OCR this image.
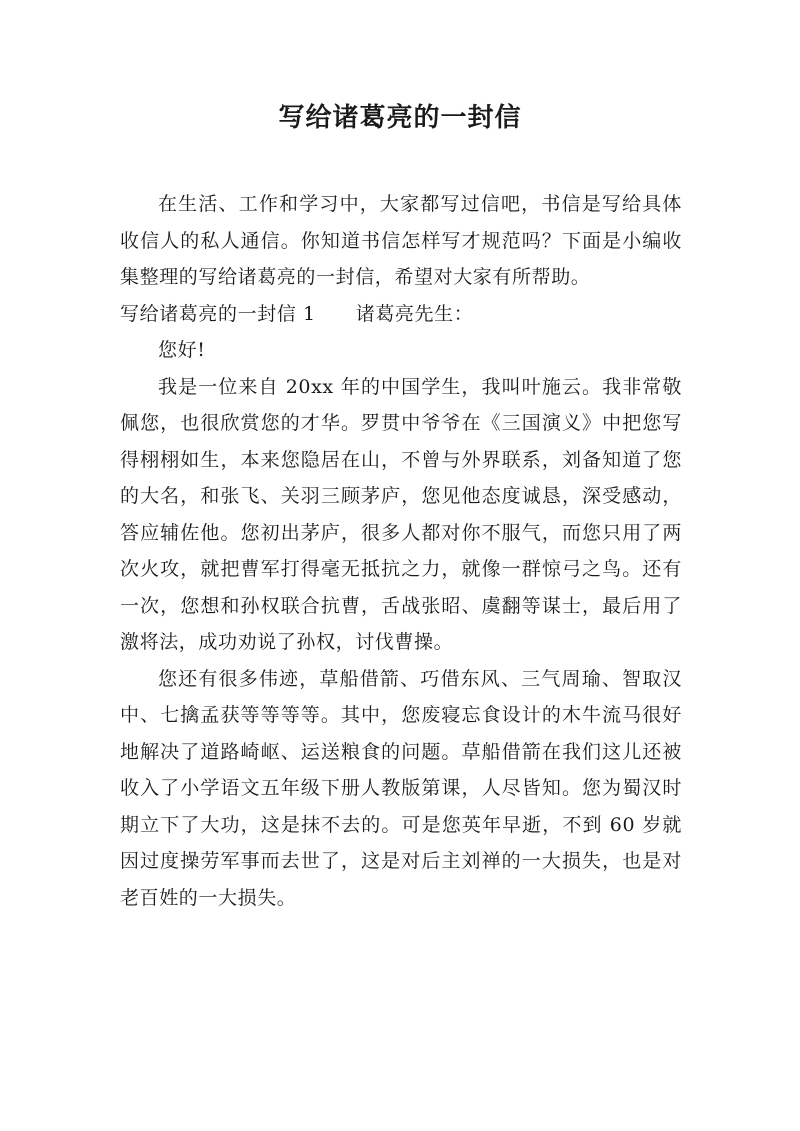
写给诸葛亮的一封信

在生活、工作和学习中，大家都写过信吧，书信是写给具体收信人的私人通信。你知道书信怎样写才规范吗？下面是小编收集整理的写给诸葛亮的一封信，希望对大家有所帮助。

写给诸葛亮的一封信 1 诸葛亮先生：

您好!

我是一位来自 20xx 年的中国学生，我叫叶施云。我非常敬佩您，也很欣赏您的才华。罗贯中爷爷在《三国演义》中把您写得栩栩如生，本来您隐居在山，不曾与外界联系，刘备知道了您的大名，和张飞、关羽三顾茅庐，您见他态度诚恳，深受感动，答应辅佐他。您初出茅庐，很多人都对你不服气，而您只用了两次火攻，就把曹军打得毫无抵抗之力，就像一群惊弓之鸟。还有一次，您想和孙权联合抗曹，舌战张昭、虞翻等谋士，最后用了激将法，成功劝说了孙权，讨伐曹操。

您还有很多伟迹，草船借箭、巧借东风、三气周瑜、智取汉中、七擒孟获等等等等。其中，您废寝忘食设计的木牛流马很好地解决了道路崎岖、运送粮食的问题。草船借箭在我们这儿还被收入了小学语文五年级下册人教版第课，人尽皆知。您为蜀汉时期立下了大功，这是抹不去的。可是您英年早逝，不到 60 岁就因过度操劳军事而去世了，这是对后主刘禅的一大损失，也是对老百姓的一大损失。
